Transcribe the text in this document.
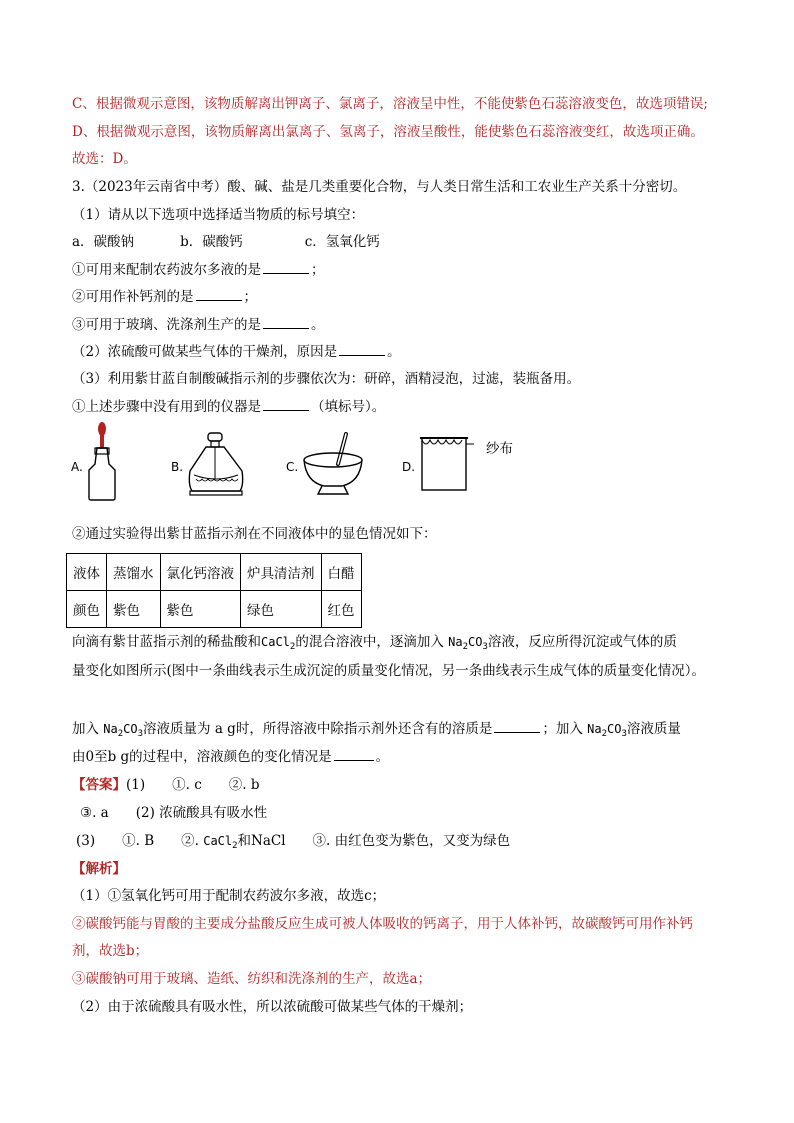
C、根据微观示意图，该物质解离出钾离子、氯离子，溶液呈中性，不能使紫色石蕊溶液变色，故选项错误;
D、根据微观示意图，该物质解离出氯离子、氢离子，溶液呈酸性，能使紫色石蕊溶液变红，故选项正确。
故选：D。
3.（2023年云南省中考）酸、碱、盐是几类重要化合物，与人类日常生活和工农业生产关系十分密切。
（1）请从以下选项中选择适当物质的标号填空：
a．碳酸钠	b．碳酸钙	c．氢氧化钙
①可用来配制农药波尔多液的是	；
②可用作补钙剂的是	；
③可用于玻璃、洗涤剂生产的是	。
（2）浓硫酸可做某些气体的干燥剂，原因是	。
（3）利用紫甘蓝自制酸碱指示剂的步骤依次为：研碎，酒精浸泡，过滤，装瓶备用。
①上述步骤中没有用到的仪器是	（填标号）。
A.	B.	C.	D.
纱布
②通过实验得出紫甘蓝指示剂在不同液体中的显色情况如下：
液体	蒸馏水	氯化钙溶液	炉具清洁剂	白醋
颜色	紫色	紫色	绿色	红色
向滴有紫甘蓝指示剂的稀盐酸和CaCl$_2$的混合溶液中，逐滴加入 $Na_2CO_3$溶液，反应所得沉淀或气体的质
量变化如图所示(图中一条曲线表示生成沉淀的质量变化情况，另一条曲线表示生成气体的质量变化情况）。
加入 $Na_2CO_3$溶液质量为 a g时，所得溶液中除指示剂外还含有的溶质是	；加入 $Na_2CO_3$溶液质量
由0至b g的过程中，溶液颜色的变化情况是	。
【答案】(1)　　①. c　　②. b
③. a　　(2) 浓硫酸具有吸水性
(3)　　①. B　　②. CaCl$_2$和NaCl　　③. 由红色变为紫色，又变为绿色
【解析】
（1）①氢氧化钙可用于配制农药波尔多液，故选c；
②碳酸钙能与胃酸的主要成分盐酸反应生成可被人体吸收的钙离子，用于人体补钙，故碳酸钙可用作补钙
剂，故选b；
③碳酸钠可用于玻璃、造纸、纺织和洗涤剂的生产，故选a；
（2）由于浓硫酸具有吸水性，所以浓硫酸可做某些气体的干燥剂；
